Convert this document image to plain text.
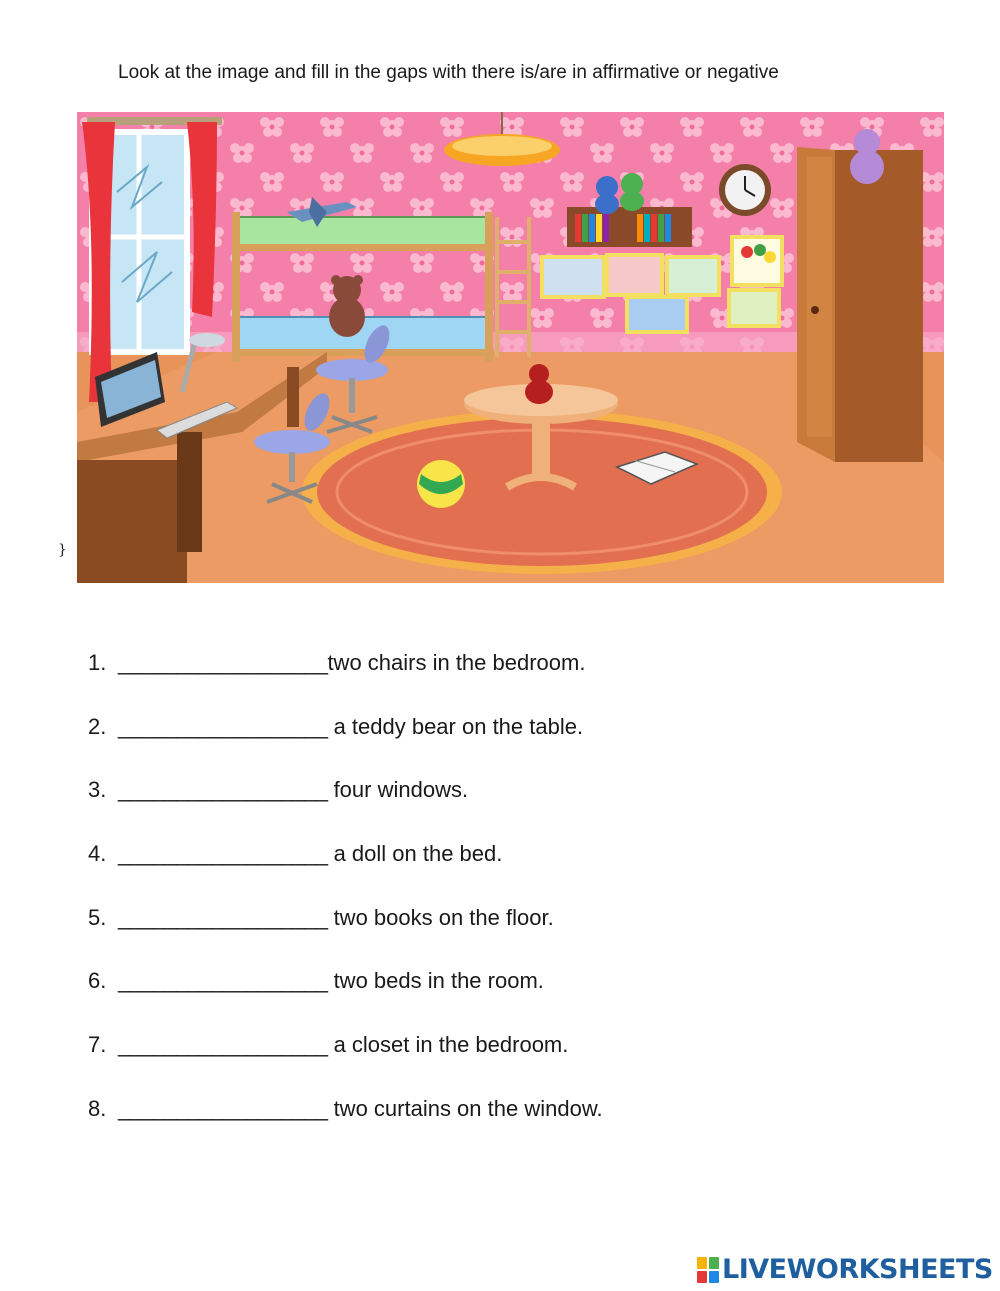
Look at the image and fill in the gaps with there is/are in affirmative or negative
}
1. __________________ two chairs in the bedroom.
2. __________________
a teddy bear on the table.
3. __________________
four windows.
4. __________________
a doll on the bed.
5. __________________
two books on the floor.
6. __________________
two beds in the room.
7. __________________
a closet in the bedroom.
8. __________________
two curtains on the window.
LIVEWORKSHEETS
